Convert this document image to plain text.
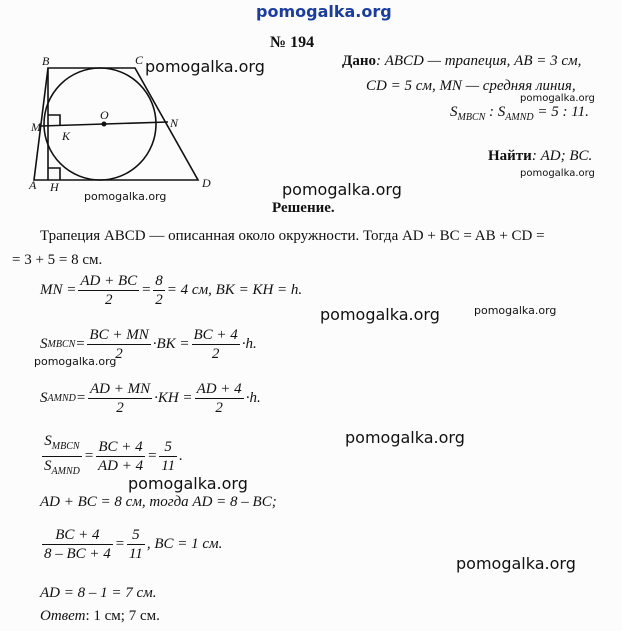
pomogalka.org
pomogalka.org
pomogalka.org
pomogalka.org
pomogalka.org
pomogalka.org
pomogalka.org
pomogalka.org
pomogalka.org
pomogalka.org
pomogalka.org
pomogalka.org
№ 194
B	C
M
K
O
N
A H	D
Дано: ABCD — трапеция, AB = 3 см,
CD = 5 см, MN — средняя линия,
$S_{MBCN}$ : $S_{AMND} = 5$ : 11.
Найти: AD; BC.
Решение.
Трапеция ABCD — описанная около окружности. Тогда AD + BC = AB + CD =
= 3 + 5 = 8 см.
MN = $\frac{AD + BC}{2} = \frac{8}{2} = 4$ см, BK = KH = h.
S MBCN = $\frac{BC + MN}{2} \cdot BK = \frac{BC + 4}{2} \cdot h$.
S AMND = $\frac{AD + MN}{2} \cdot KH = \frac{AD + 4}{2} \cdot h$.
$\frac{S_{MBCN}}{S_{AMND}} = \frac{BC + 4}{AD + 4} = \frac{5}{11}$ .
AD + BC = 8 см, тогда AD = 8 – BC;
$\frac{BC + 4}{8 - BC + 4} = \frac{5}{11}$ , BC = 1 см.
AD = 8 – 1 = 7 см.
Ответ: 1 см; 7 см.
